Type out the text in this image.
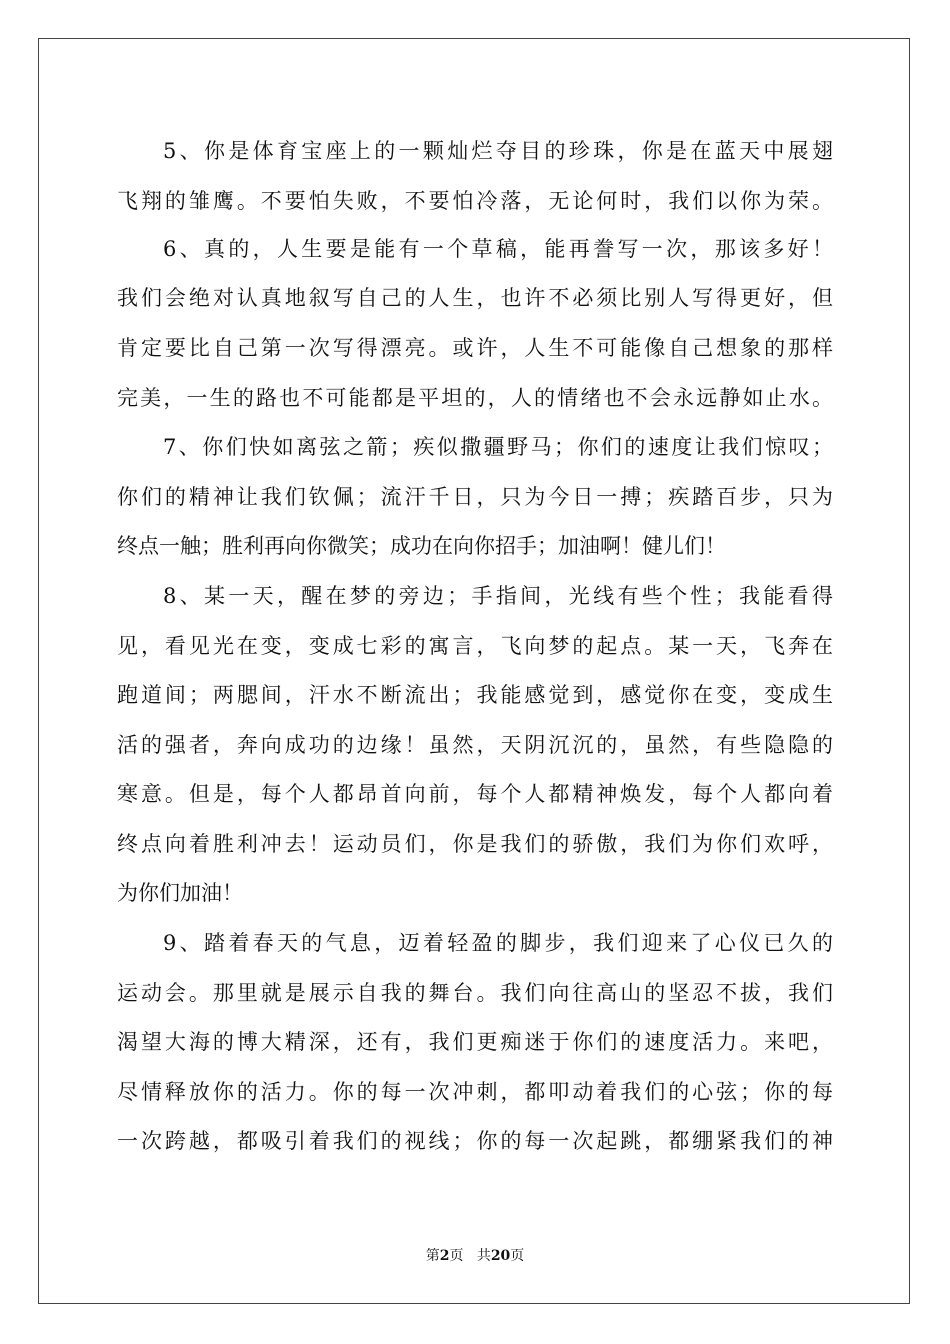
5、你是体育宝座上的一颗灿烂夺目的珍珠，你是在蓝天中展翅
飞翔的雏鹰。不要怕失败，不要怕冷落，无论何时，我们以你为荣。
6、真的，人生要是能有一个草稿，能再誊写一次，那该多好！
我们会绝对认真地叙写自己的人生，也许不必须比别人写得更好，但
肯定要比自己第一次写得漂亮。或许，人生不可能像自己想象的那样
完美，一生的路也不可能都是平坦的，人的情绪也不会永远静如止水。
7、你们快如离弦之箭；疾似撒疆野马；你们的速度让我们惊叹；
你们的精神让我们钦佩；流汗千日，只为今日一搏；疾踏百步，只为
终点一触；胜利再向你微笑；成功在向你招手；加油啊！健儿们！
8、某一天，醒在梦的旁边；手指间，光线有些个性；我能看得
见，看见光在变，变成七彩的寓言，飞向梦的起点。某一天，飞奔在
跑道间；两腮间，汗水不断流出；我能感觉到，感觉你在变，变成生
活的强者，奔向成功的边缘！虽然，天阴沉沉的，虽然，有些隐隐的
寒意。但是，每个人都昂首向前，每个人都精神焕发，每个人都向着
终点向着胜利冲去！运动员们，你是我们的骄傲，我们为你们欢呼，
为你们加油！
9、踏着春天的气息，迈着轻盈的脚步，我们迎来了心仪已久的
运动会。那里就是展示自我的舞台。我们向往高山的坚忍不拔，我们
渴望大海的博大精深，还有，我们更痴迷于你们的速度活力。来吧，
尽情释放你的活力。你的每一次冲刺，都叩动着我们的心弦；你的每
一次跨越，都吸引着我们的视线；你的每一次起跳，都绷紧我们的神
第2页 共20页
